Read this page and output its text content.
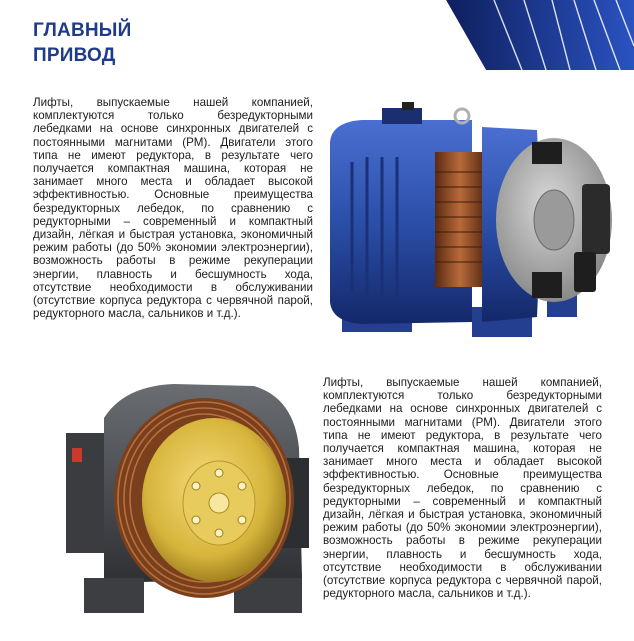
ГЛАВНЫЙ
ПРИВОД

Лифты, выпускаемые нашей компанией, комплектуются только безредукторными лебедками на основе синхронных двигателей с постоянными магнитами (PM). Двигатели этого типа не имеют редуктора, в результате чего получается компактная машина, которая не занимает много места и обладает высокой эффективностью. Основные преимущества безредукторных лебедок, по сравнению с редукторными – современный и компактный дизайн, лёгкая и быстрая установка, экономичный режим работы (до 50% экономии электроэнергии), возможность работы в режиме рекуперации энергии, плавность и бесшумность хода, отсутствие необходимости в обслуживании (отсутствие корпуса редуктора с червячной парой, редукторного масла, сальников и т.д.).

Лифты, выпускаемые нашей компанией, комплектуются только безредукторными лебедками на основе синхронных двигателей с постоянными магнитами (PM). Двигатели этого типа не имеют редуктора, в результате чего получается компактная машина, которая не занимает много места и обладает высокой эффективностью. Основные преимущества безредукторных лебедок, по сравнению с редукторными – современный и компактный дизайн, лёгкая и быстрая установка, экономичный режим работы (до 50% экономии электроэнергии), возможность работы в режиме рекуперации энергии, плавность и бесшумность хода, отсутствие необходимости в обслуживании (отсутствие корпуса редуктора с червячной парой, редукторного масла, сальников и т.д.).
